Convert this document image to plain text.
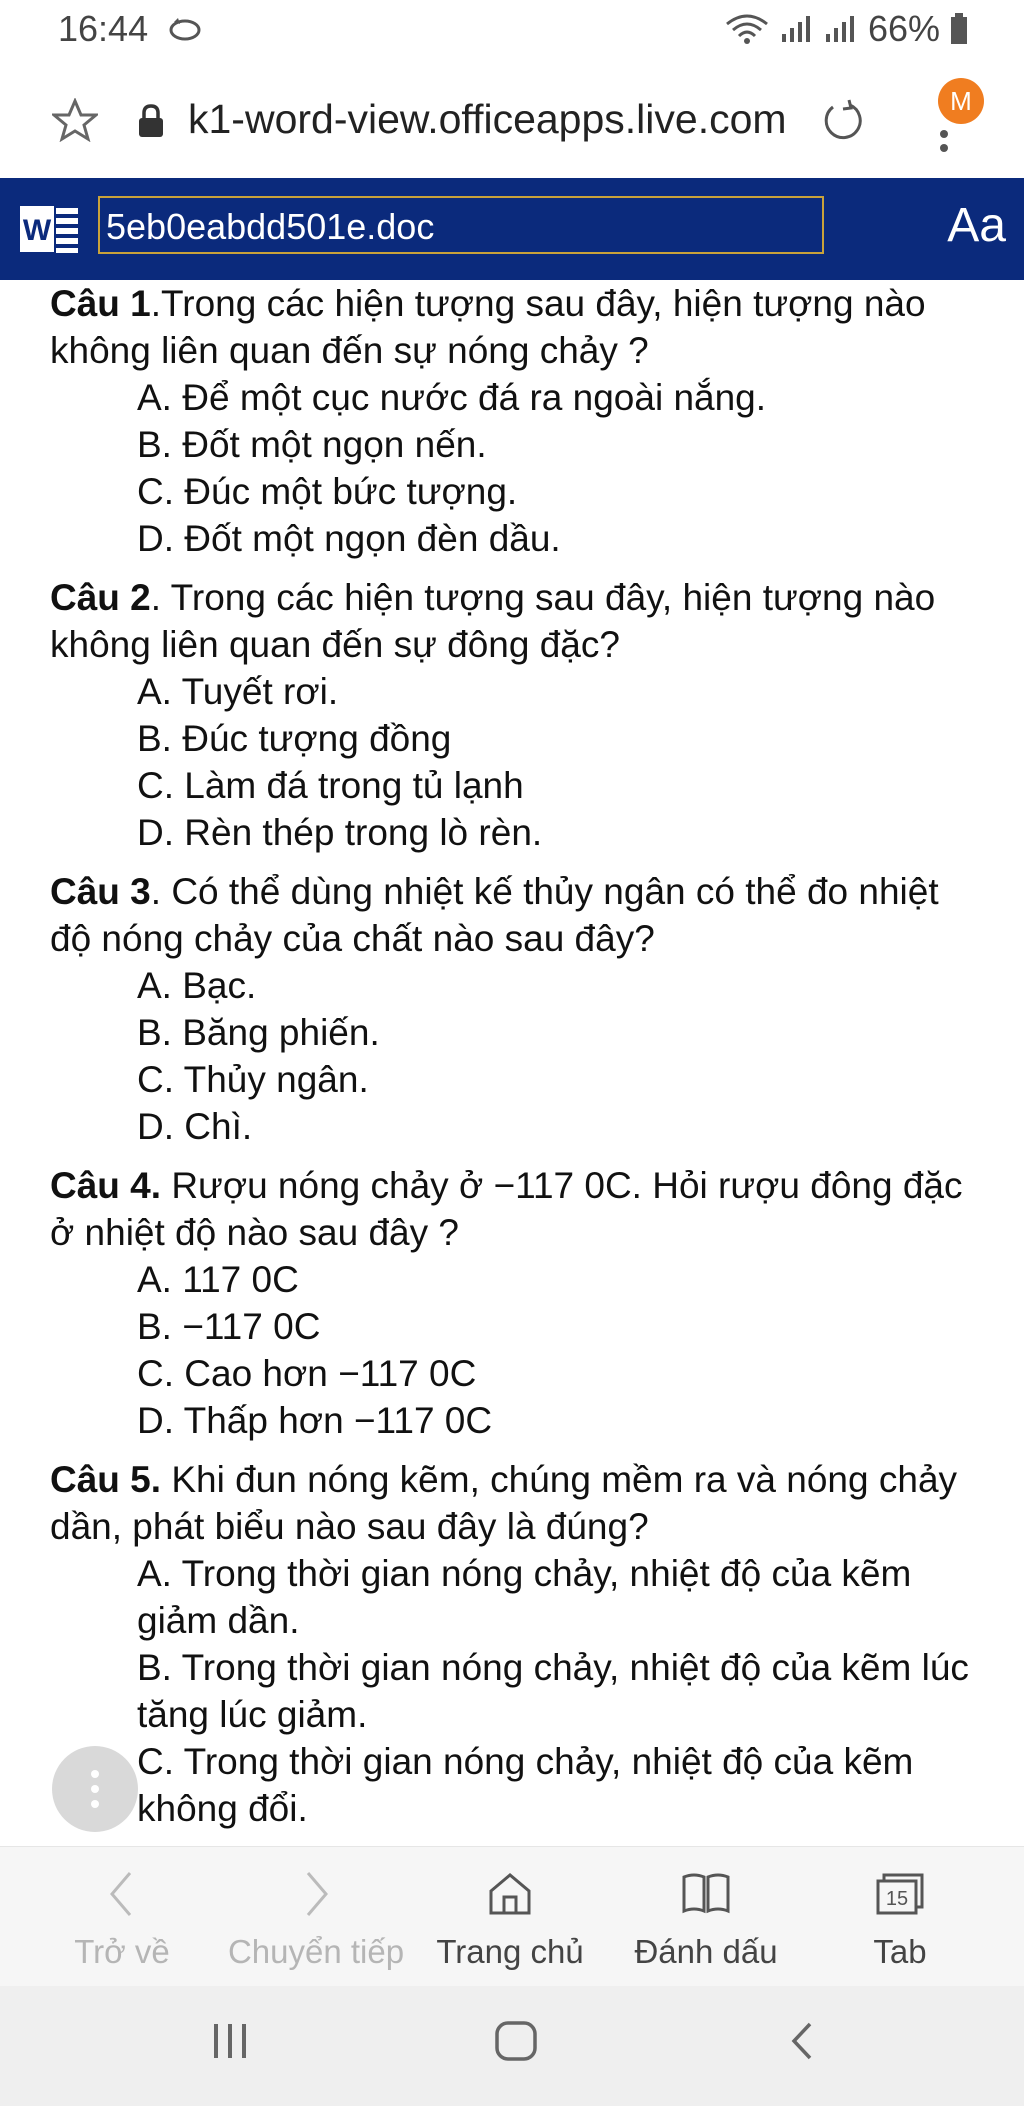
16:44	66%
k1-word-view.officeapps.live.com	M
W 5eb0eabdd501e.doc	Aa
Câu 1.Trong các hiện tượng sau đây, hiện tượng nào không liên quan đến sự nóng chảy ?
A. Để một cục nước đá ra ngoài nắng.
B. Đốt một ngọn nến.
C. Đúc một bức tượng.
D. Đốt một ngọn đèn dầu.
Câu 2. Trong các hiện tượng sau đây, hiện tượng nào không liên quan đến sự đông đặc?
A. Tuyết rơi.
B. Đúc tượng đồng
C. Làm đá trong tủ lạnh
D. Rèn thép trong lò rèn.
Câu 3. Có thể dùng nhiệt kế thủy ngân có thể đo nhiệt độ nóng chảy của chất nào sau đây?
A. Bạc.
B. Băng phiến.
C. Thủy ngân.
D. Chì.
Câu 4. Rượu nóng chảy ở −117 0C. Hỏi rượu đông đặc ở nhiệt độ nào sau đây ?
A. 117 0C
B. −117 0C
C. Cao hơn −117 0C
D. Thấp hơn −117 0C
Câu 5. Khi đun nóng kẽm, chúng mềm ra và nóng chảy dần, phát biểu nào sau đây là đúng?
A. Trong thời gian nóng chảy, nhiệt độ của kẽm giảm dần.
B. Trong thời gian nóng chảy, nhiệt độ của kẽm lúc tăng lúc giảm.
C. Trong thời gian nóng chảy, nhiệt độ của kẽm không đổi.
Trở về	Chuyển tiếp Trang chủ	Đánh dấu
15
Tab
